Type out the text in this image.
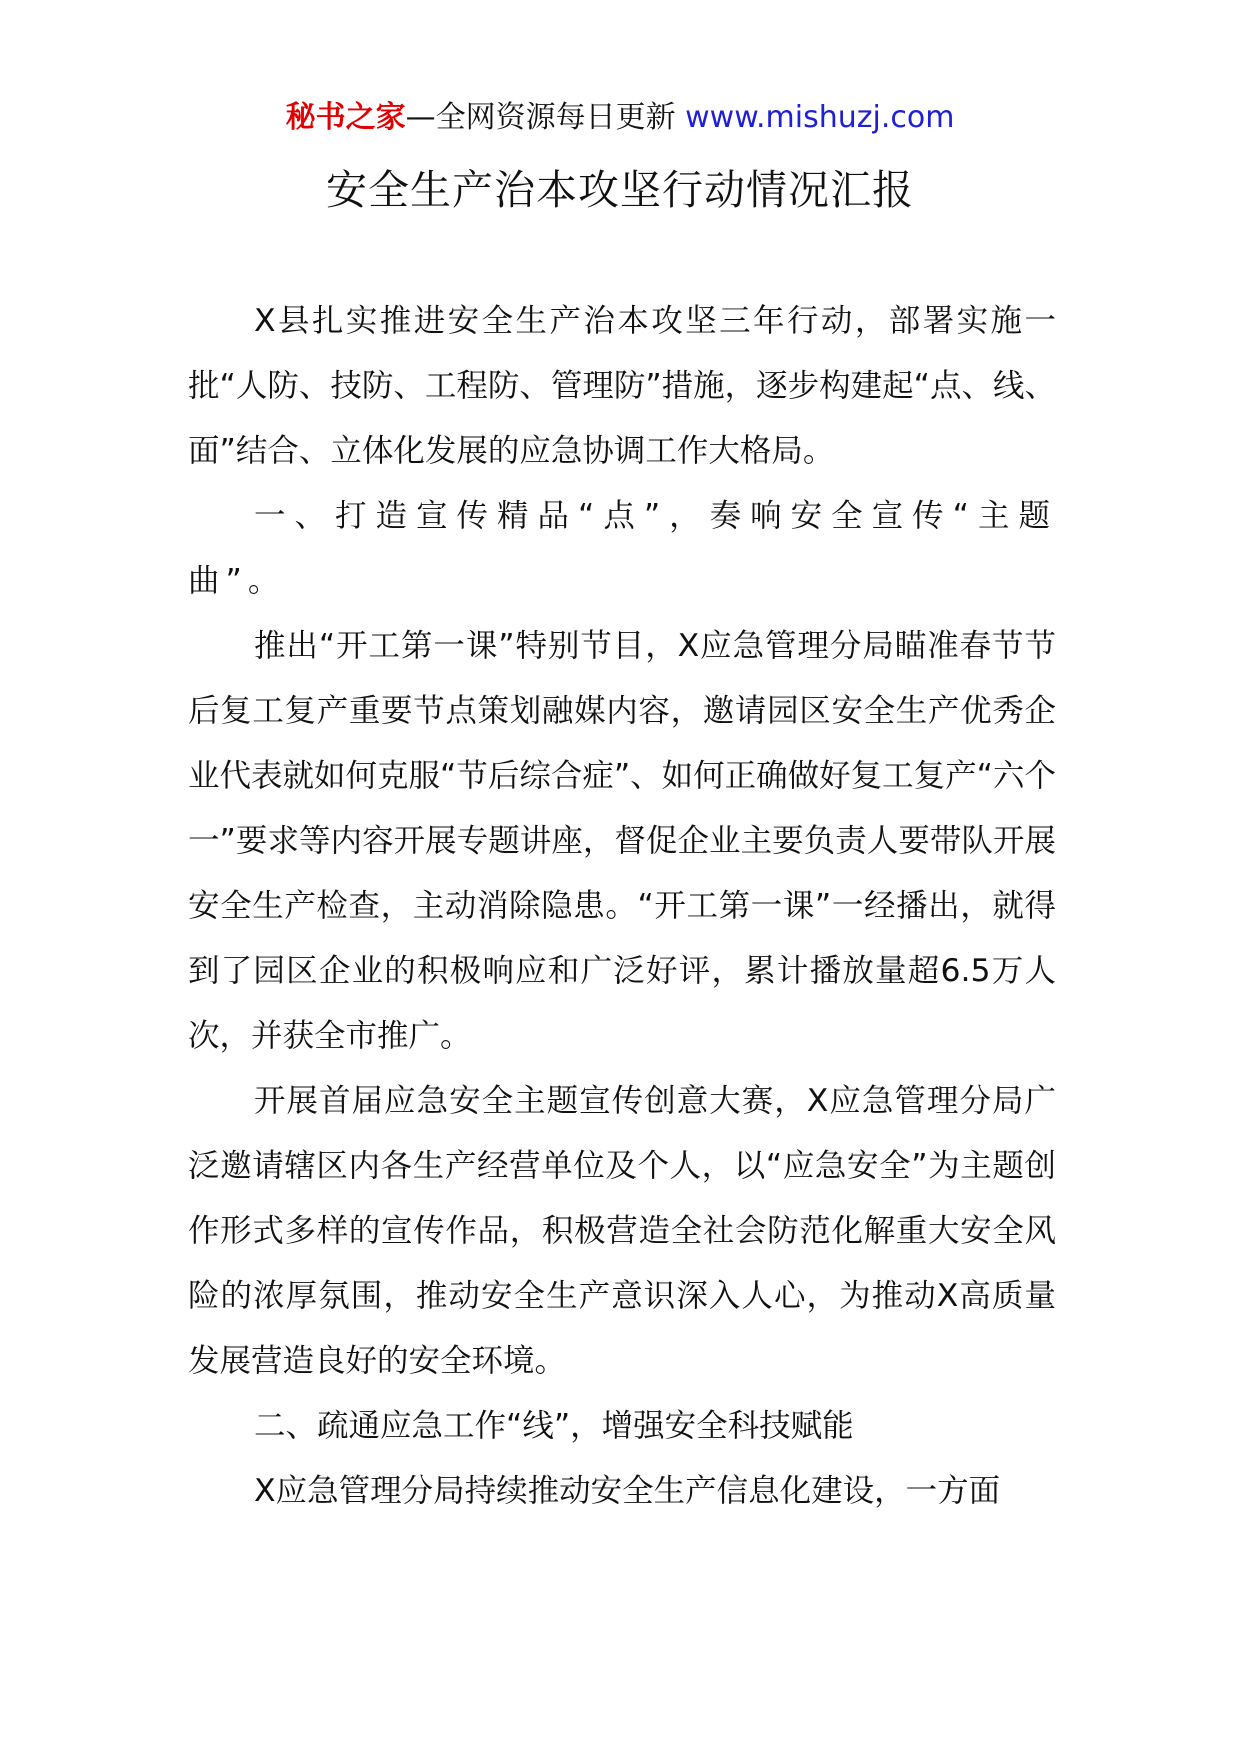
秘书之家—全网资源每日更新 www.mishuzj.com
安全生产治本攻坚行动情况汇报

X县扎实推进安全生产治本攻坚三年行动，部署实施一批“人防、技防、工程防、管理防”措施，逐步构建起“点、线、面”结合、立体化发展的应急协调工作大格局。

一、打造宣传精品“点”，奏响安全宣传“主题曲”。

推出“开工第一课”特别节目，X应急管理分局瞄准春节节后复工复产重要节点策划融媒内容，邀请园区安全生产优秀企业代表就如何克服“节后综合症”、如何正确做好复工复产“六个一”要求等内容开展专题讲座，督促企业主要负责人要带队开展安全生产检查，主动消除隐患。“开工第一课”一经播出，就得到了园区企业的积极响应和广泛好评，累计播放量超6.5万人次，并获全市推广。

开展首届应急安全主题宣传创意大赛，X应急管理分局广泛邀请辖区内各生产经营单位及个人，以“应急安全”为主题创作形式多样的宣传作品，积极营造全社会防范化解重大安全风险的浓厚氛围，推动安全生产意识深入人心，为推动X高质量发展营造良好的安全环境。

二、疏通应急工作“线”，增强安全科技赋能

X应急管理分局持续推动安全生产信息化建设，一方面
